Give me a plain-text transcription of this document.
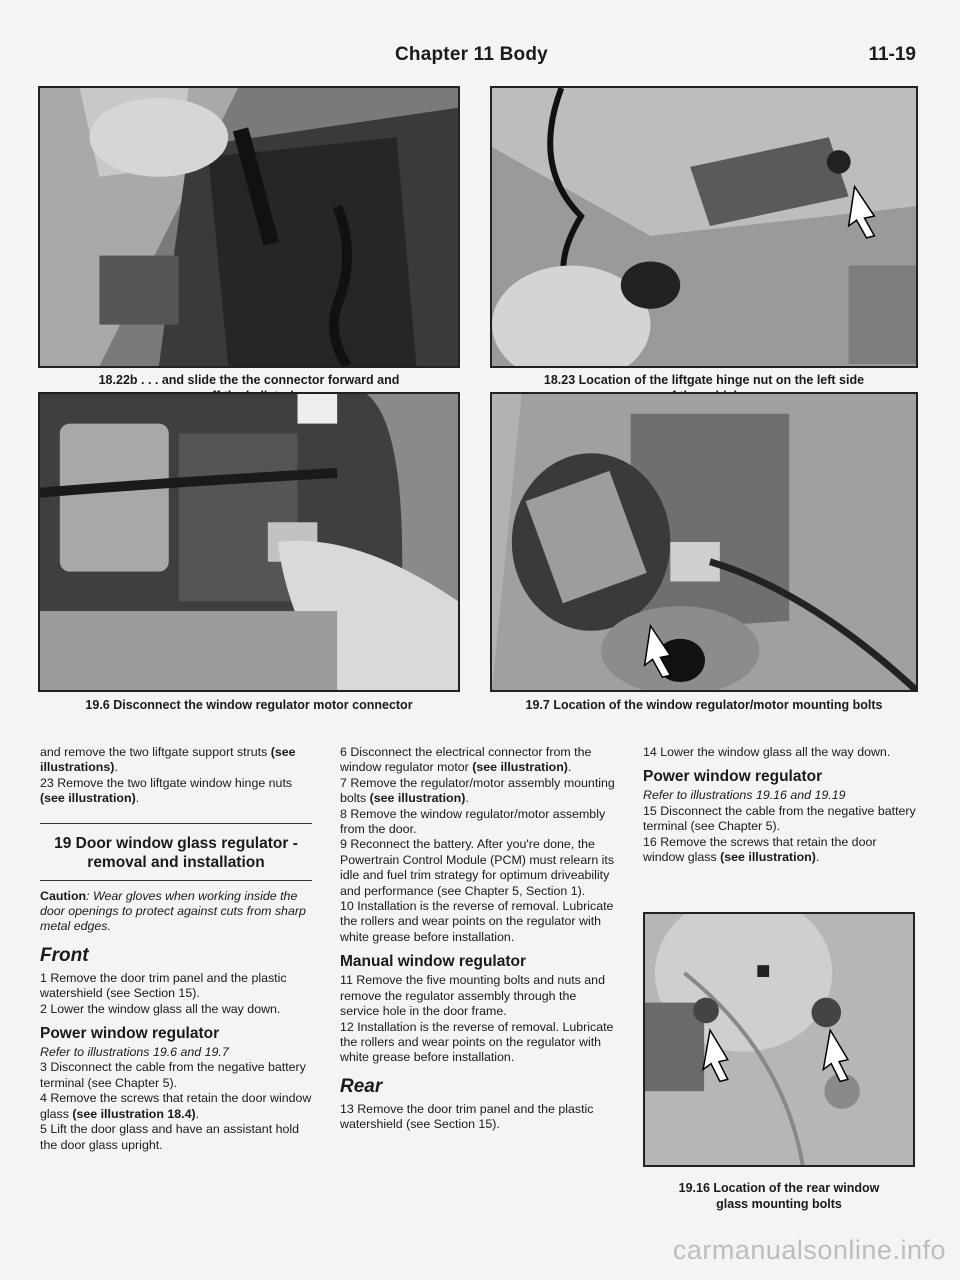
Chapter 11 Body	11-19
18.22b . . . and slide the the connector forward and	18.23 Location of the liftgate hinge nut on the left side
19.6 Disconnect the window regulator motor connector	19.7 Location of the window regulator/motor mounting bolts
19.16 Location of the rear window
glass mounting bolts

and remove the two liftgate support struts (see illustrations).

23 Remove the two liftgate window hinge nuts (see illustration).

19 Door window glass regulator -
removal and installation

Caution: Wear gloves when working inside the door openings to protect against cuts from sharp metal edges.

Front

1 Remove the door trim panel and the plastic watershield (see Section 15).

2 Lower the window glass all the way down.

Power window regulator

Refer to illustrations 19.6 and 19.7

3 Disconnect the cable from the negative battery terminal (see Chapter 5).

4 Remove the screws that retain the door window glass (see illustration 18.4).

5 Lift the door glass and have an assistant hold the door glass upright.

6 Disconnect the electrical connector from the window regulator motor (see illustration).

7 Remove the regulator/motor assembly mounting bolts (see illustration).

8 Remove the window regulator/motor assembly from the door.

9 Reconnect the battery. After you're done, the Powertrain Control Module (PCM) must relearn its idle and fuel trim strategy for optimum driveability and performance (see Chapter 5, Section 1).

10 Installation is the reverse of removal. Lubricate the rollers and wear points on the regulator with white grease before installation.

Manual window regulator

11 Remove the five mounting bolts and nuts and remove the regulator assembly through the service hole in the door frame.

12 Installation is the reverse of removal. Lubricate the rollers and wear points on the regulator with white grease before installation.

Rear

13 Remove the door trim panel and the plastic watershield (see Section 15).

14 Lower the window glass all the way down.

Power window regulator

Refer to illustrations 19.16 and 19.19

15 Disconnect the cable from the negative battery terminal (see Chapter 5).

16 Remove the screws that retain the door window glass (see illustration).

carmanualsonline.info
